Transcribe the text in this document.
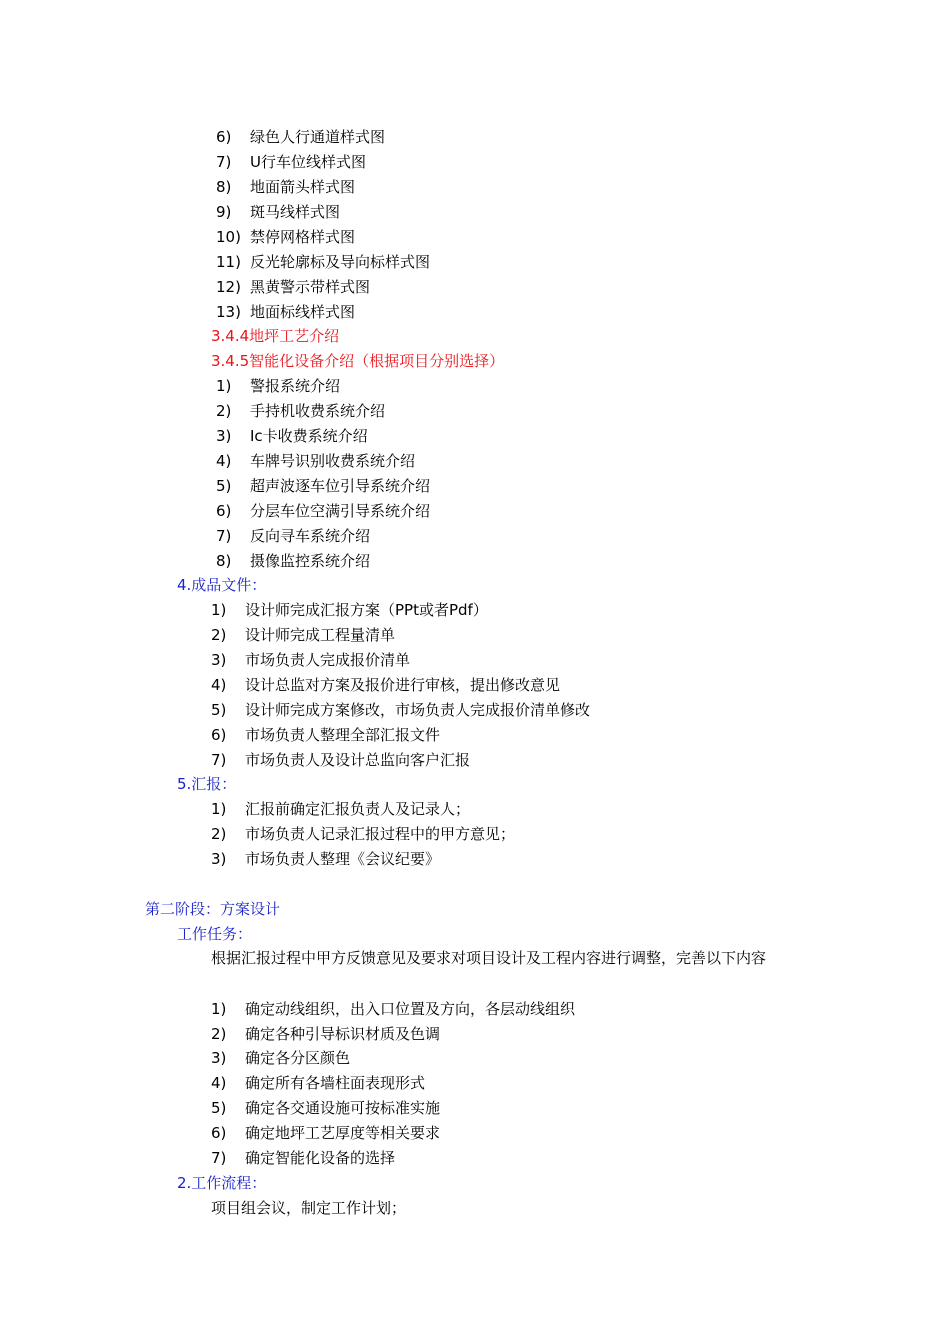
6) 绿色人行通道样式图
7) U行车位线样式图
8) 地面箭头样式图
9) 斑马线样式图
10) 禁停网格样式图
11) 反光轮廓标及导向标样式图
12) 黑黄警示带样式图
13) 地面标线样式图
3.4.4地坪工艺介绍
3.4.5智能化设备介绍（根据项目分别选择）
1) 警报系统介绍
2) 手持机收费系统介绍
3) Ic卡收费系统介绍
4) 车牌号识别收费系统介绍
5) 超声波逐车位引导系统介绍
6) 分层车位空满引导系统介绍
7) 反向寻车系统介绍
8) 摄像监控系统介绍
4.成品文件：
1) 设计师完成汇报方案（PPt或者Pdf）
2) 设计师完成工程量清单
3) 市场负责人完成报价清单
4) 设计总监对方案及报价进行审核，提出修改意见
5) 设计师完成方案修改，市场负责人完成报价清单修改
6) 市场负责人整理全部汇报文件
7) 市场负责人及设计总监向客户汇报
5.汇报：
1) 汇报前确定汇报负责人及记录人；
2) 市场负责人记录汇报过程中的甲方意见；
3) 市场负责人整理《会议纪要》
第二阶段：方案设计
工作任务：
根据汇报过程中甲方反馈意见及要求对项目设计及工程内容进行调整，完善以下内容
1) 确定动线组织，出入口位置及方向，各层动线组织
2) 确定各种引导标识材质及色调
3) 确定各分区颜色
4) 确定所有各墙柱面表现形式
5) 确定各交通设施可按标准实施
6) 确定地坪工艺厚度等相关要求
7) 确定智能化设备的选择
2.工作流程：
项目组会议，制定工作计划；
